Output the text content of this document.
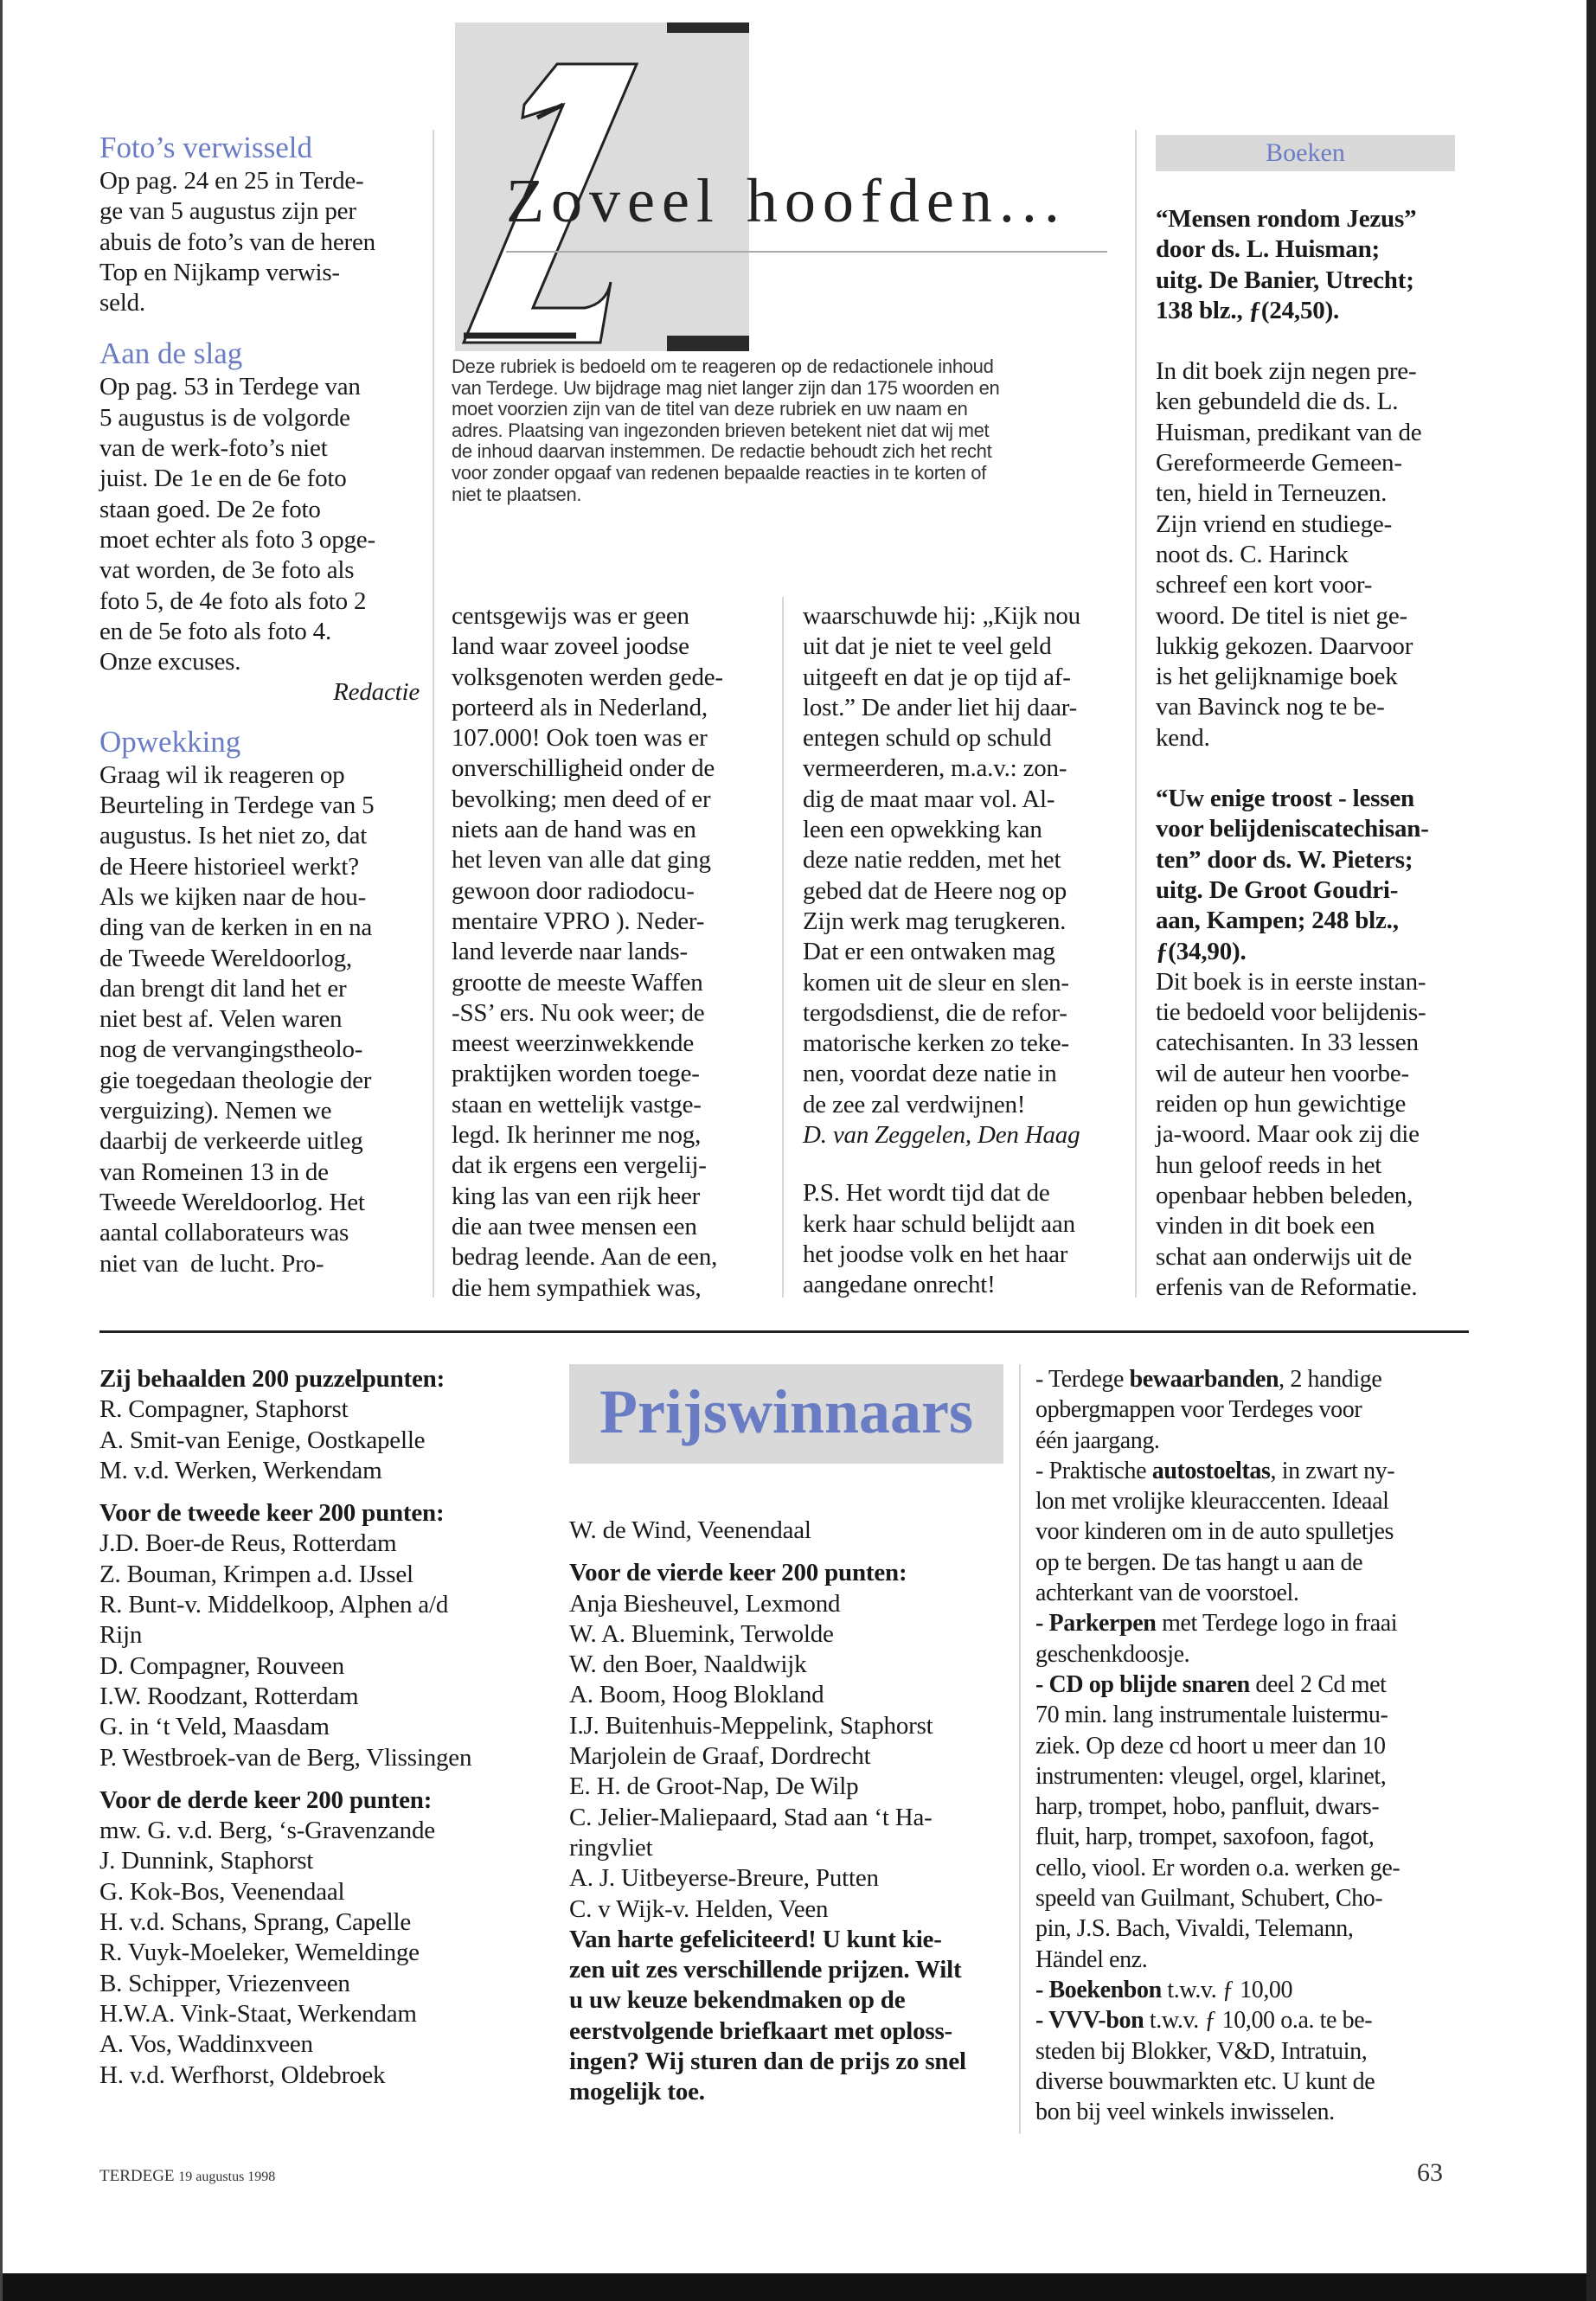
Foto’s verwisseld
Op pag. 24 en 25 in Terde-
ge van 5 augustus zijn per
abuis de foto’s van de heren
Top en Nijkamp verwis-
seld.
Aan de slag
Op pag. 53 in Terdege van
5 augustus is de volgorde
van de werk-foto’s niet
juist. De 1e en de 6e foto
staan goed. De 2e foto
moet echter als foto 3 opge-
vat worden, de 3e foto als
foto 5, de 4e foto als foto 2
en de 5e foto als foto 4.
Onze excuses.
Redactie
Opwekking
Graag wil ik reageren op
Beurteling in Terdege van 5
augustus. Is het niet zo, dat
de Heere historieel werkt?
Als we kijken naar de hou-
ding van de kerken in en na
de Tweede Wereldoorlog,
dan brengt dit land het er
niet best af. Velen waren
nog de vervangingstheolo-
gie toegedaan theologie der
verguizing). Nemen we
daarbij de verkeerde uitleg
van Romeinen 13 in de
Tweede Wereldoorlog. Het
aantal collaborateurs was
niet van  de lucht. Pro-
Zoveel hoofden...
Deze rubriek is bedoeld om te reageren op de redactionele inhoud
van Terdege. Uw bijdrage mag niet langer zijn dan 175 woorden en
moet voorzien zijn van de titel van deze rubriek en uw naam en
adres. Plaatsing van ingezonden brieven betekent niet dat wij met
de inhoud daarvan instemmen. De redactie behoudt zich het recht
voor zonder opgaaf van redenen bepaalde reacties in te korten of
niet te plaatsen.
centsgewijs was er geen
land waar zoveel joodse
volksgenoten werden gede-
porteerd als in Nederland,
107.000! Ook toen was er
onverschilligheid onder de
bevolking; men deed of er
niets aan de hand was en
het leven van alle dat ging
gewoon door radiodocu-
mentaire VPRO ). Neder-
land leverde naar lands-
grootte de meeste Waffen
-SS’ ers. Nu ook weer; de
meest weerzinwekkende
praktijken worden toege-
staan en wettelijk vastge-
legd. Ik herinner me nog,
dat ik ergens een vergelij-
king las van een rijk heer
die aan twee mensen een
bedrag leende. Aan de een,
die hem sympathiek was,
waarschuwde hij: „Kijk nou
uit dat je niet te veel geld
uitgeeft en dat je op tijd af-
lost.” De ander liet hij daar-
entegen schuld op schuld
vermeerderen, m.a.v.: zon-
dig de maat maar vol. Al-
leen een opwekking kan
deze natie redden, met het
gebed dat de Heere nog op
Zijn werk mag terugkeren.
Dat er een ontwaken mag
komen uit de sleur en slen-
tergodsdienst, die de refor-
matorische kerken zo teke-
nen, voordat deze natie in
de zee zal verdwijnen!
D. van Zeggelen, Den Haag
P.S. Het wordt tijd dat de
kerk haar schuld belijdt aan
het joodse volk en het haar
aangedane onrecht!
Boeken
“Mensen rondom Jezus”
door ds. L. Huisman;
uitg. De Banier, Utrecht;
138 blz., ƒ(24,50).
In dit boek zijn negen pre-
ken gebundeld die ds. L.
Huisman, predikant van de
Gereformeerde Gemeen-
ten, hield in Terneuzen.
Zijn vriend en studiege-
noot ds. C. Harinck
schreef een kort voor-
woord. De titel is niet ge-
lukkig gekozen. Daarvoor
is het gelijknamige boek
van Bavinck nog te be-
kend.
“Uw enige troost - lessen
voor belijdeniscatechisan-
ten” door ds. W. Pieters;
uitg. De Groot Goudri-
aan, Kampen; 248 blz.,
ƒ(34,90).
Dit boek is in eerste instan-
tie bedoeld voor belijdenis-
catechisanten. In 33 lessen
wil de auteur hen voorbe-
reiden op hun gewichtige
ja-woord. Maar ook zij die
hun geloof reeds in het
openbaar hebben beleden,
vinden in dit boek een
schat aan onderwijs uit de
erfenis van de Reformatie.
Zij behaalden 200 puzzelpunten:
R. Compagner, Staphorst
A. Smit-van Eenige, Oostkapelle
M. v.d. Werken, Werkendam
Voor de tweede keer 200 punten:
J.D. Boer-de Reus, Rotterdam
Z. Bouman, Krimpen a.d. IJssel
R. Bunt-v. Middelkoop, Alphen a/d
Rijn
D. Compagner, Rouveen
I.W. Roodzant, Rotterdam
G. in ‘t Veld, Maasdam
P. Westbroek-van de Berg, Vlissingen
Voor de derde keer 200 punten:
mw. G. v.d. Berg, ‘s-Gravenzande
J. Dunnink, Staphorst
G. Kok-Bos, Veenendaal
H. v.d. Schans, Sprang, Capelle
R. Vuyk-Moeleker, Wemeldinge
B. Schipper, Vriezenveen
H.W.A. Vink-Staat, Werkendam
A. Vos, Waddinxveen
H. v.d. Werfhorst, Oldebroek
Prijswinnaars
W. de Wind, Veenendaal
Voor de vierde keer 200 punten:
Anja Biesheuvel, Lexmond
W. A. Bluemink, Terwolde
W. den Boer, Naaldwijk
A. Boom, Hoog Blokland
I.J. Buitenhuis-Meppelink, Staphorst
Marjolein de Graaf, Dordrecht
E. H. de Groot-Nap, De Wilp
C. Jelier-Maliepaard, Stad aan ‘t Ha-
ringvliet
A. J. Uitbeyerse-Breure, Putten
C. v Wijk-v. Helden, Veen
Van harte gefeliciteerd! U kunt kie-
zen uit zes verschillende prijzen. Wilt
u uw keuze bekendmaken op de
eerstvolgende briefkaart met oploss-
ingen? Wij sturen dan de prijs zo snel
mogelijk toe.
- Terdege bewaarbanden, 2 handige
opbergmappen voor Terdeges voor
één jaargang.
- Praktische autostoeltas, in zwart ny-
lon met vrolijke kleuraccenten. Ideaal
voor kinderen om in de auto spulletjes
op te bergen. De tas hangt u aan de
achterkant van de voorstoel.
- Parkerpen met Terdege logo in fraai
geschenkdoosje.
- CD op blijde snaren deel 2 Cd met
70 min. lang instrumentale luistermu-
ziek. Op deze cd hoort u meer dan 10
instrumenten: vleugel, orgel, klarinet,
harp, trompet, hobo, panfluit, dwars-
fluit, harp, trompet, saxofoon, fagot,
cello, viool. Er worden o.a. werken ge-
speeld van Guilmant, Schubert, Cho-
pin, J.S. Bach, Vivaldi, Telemann,
Händel enz.
- Boekenbon t.w.v. ƒ 10,00
- VVV-bon t.w.v. ƒ 10,00 o.a. te be-
steden bij Blokker, V&D, Intratuin,
diverse bouwmarkten etc. U kunt de
bon bij veel winkels inwisselen.
TERDEGE 19 augustus 1998	63
